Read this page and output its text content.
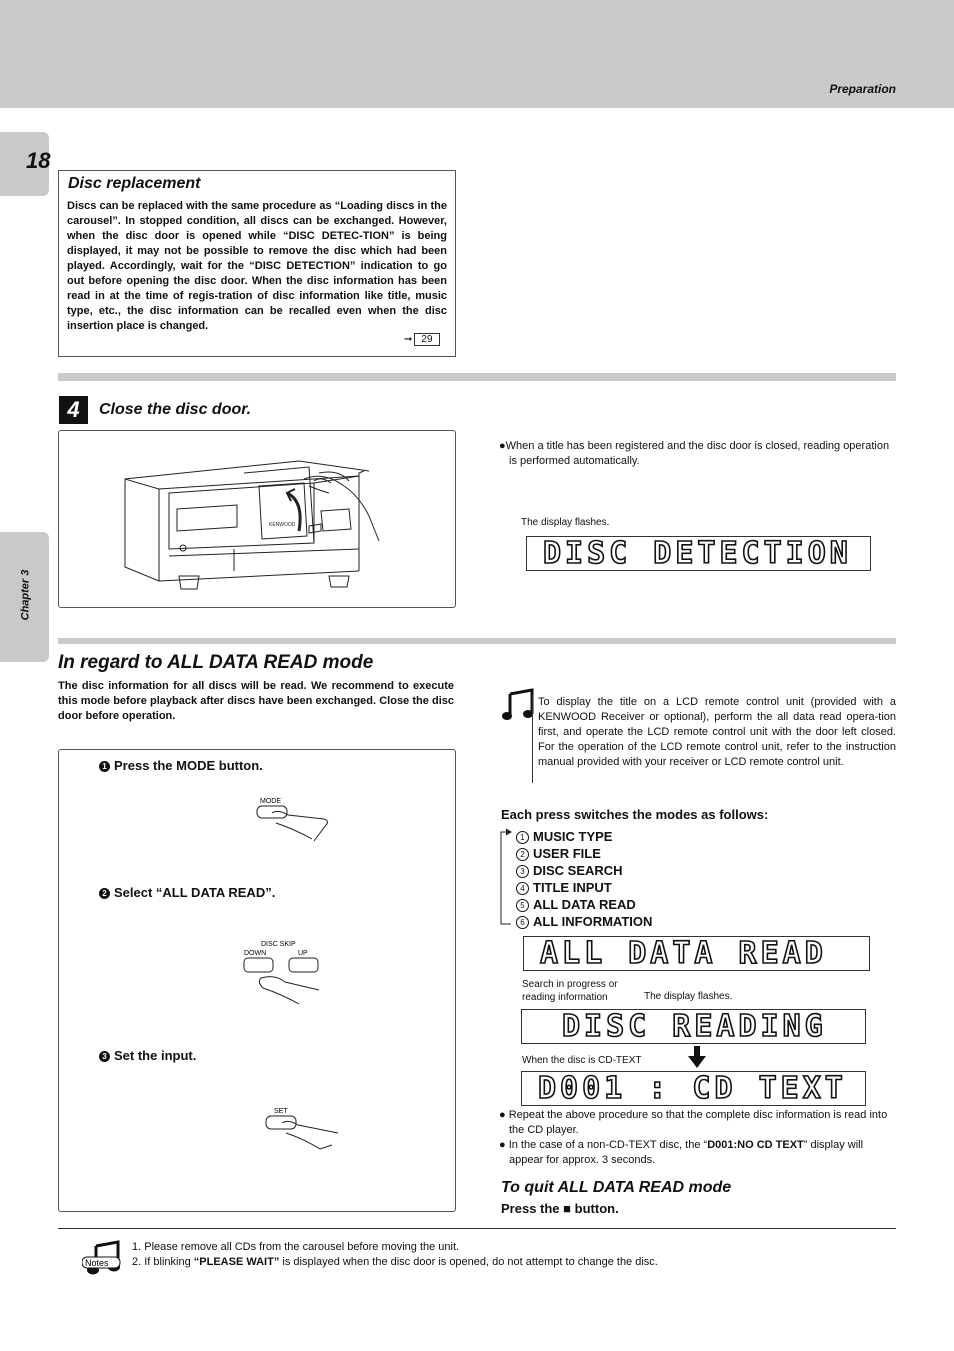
Preparation
18
Chapter 3
Disc replacement
Discs can be replaced with the same procedure as “Loading discs in the carousel”. In stopped condition, all discs can be exchanged. However, when the disc door is opened while “DISC DETEC-TION” is being displayed, it may not be possible to remove the disc which had been played. Accordingly, wait for the “DISC DETECTION” indication to go out before opening the disc door. When the disc information has been read in at the time of regis-tration of disc information like title, music type, etc., the disc information can be recalled even when the disc insertion place is changed.
➞ 29
4	Close the disc door.
KENWOOD
●When a title has been registered and the disc door is closed, reading operation is performed automatically.
The display flashes.
DISC DETECTION
In regard to ALL DATA READ mode
The disc information for all discs will be read. We recommend to execute this mode before playback after discs have been exchanged. Close the disc door before operation.
1 Press the MODE button.
MODE
2 Select “ALL DATA READ”.
DISC SKIP
DOWN	UP
3 Set the input.
SET
To display the title on a LCD remote control unit (provided with a KENWOOD Receiver or optional), perform the all data read opera-tion first, and operate the LCD remote control unit with the door left closed. For the operation of the LCD remote control unit, refer to the instruction manual provided with your receiver or LCD remote control unit.
Each press switches the modes as follows:
1 MUSIC TYPE
2 USER FILE
3 DISC SEARCH
4 TITLE INPUT
5 ALL DATA READ
6 ALL INFORMATION
ALL DATA READ
Search in progress or reading information	The display flashes.
DISC READING
When the disc is CD-TEXT
D001 : CD TEXT
● Repeat the above procedure so that the complete disc information is read into the CD player.
● In the case of a non-CD-TEXT disc, the “D001:NO CD TEXT” display will appear for approx. 3 seconds.
To quit ALL DATA READ mode
Press the ■ button.
Notes
1. Please remove all CDs from the carousel before moving the unit.
2. If blinking “PLEASE WAIT” is displayed when the disc door is opened, do not attempt to change the disc.
